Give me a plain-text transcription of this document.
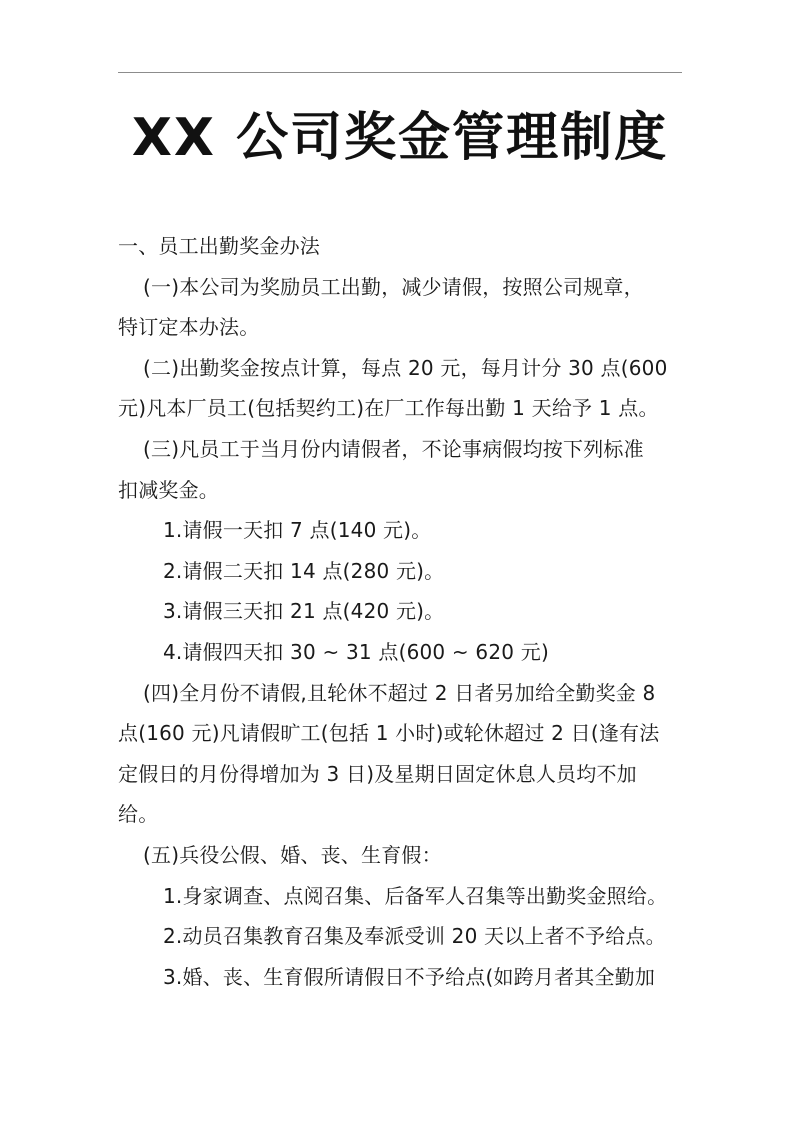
XX 公司奖金管理制度
一、员工出勤奖金办法
(一)本公司为奖励员工出勤，减少请假，按照公司规章，
特订定本办法。
(二)出勤奖金按点计算，每点 20 元，每月计分 30 点(600
元)凡本厂员工(包括契约工)在厂工作每出勤 1 天给予 1 点。
(三)凡员工于当月份内请假者，不论事病假均按下列标准
扣减奖金。
1.请假一天扣 7 点(140 元)。
2.请假二天扣 14 点(280 元)。
3.请假三天扣 21 点(420 元)。
4.请假四天扣 30 ~ 31 点(600 ~ 620 元)
(四)全月份不请假,且轮休不超过 2 日者另加给全勤奖金 8
点(160 元)凡请假旷工(包括 1 小时)或轮休超过 2 日(逢有法
定假日的月份得增加为 3 日)及星期日固定休息人员均不加
给。
(五)兵役公假、婚、丧、生育假：
1.身家调查、点阅召集、后备军人召集等出勤奖金照给。
2.动员召集教育召集及奉派受训 20 天以上者不予给点。
3.婚、丧、生育假所请假日不予给点(如跨月者其全勤加
